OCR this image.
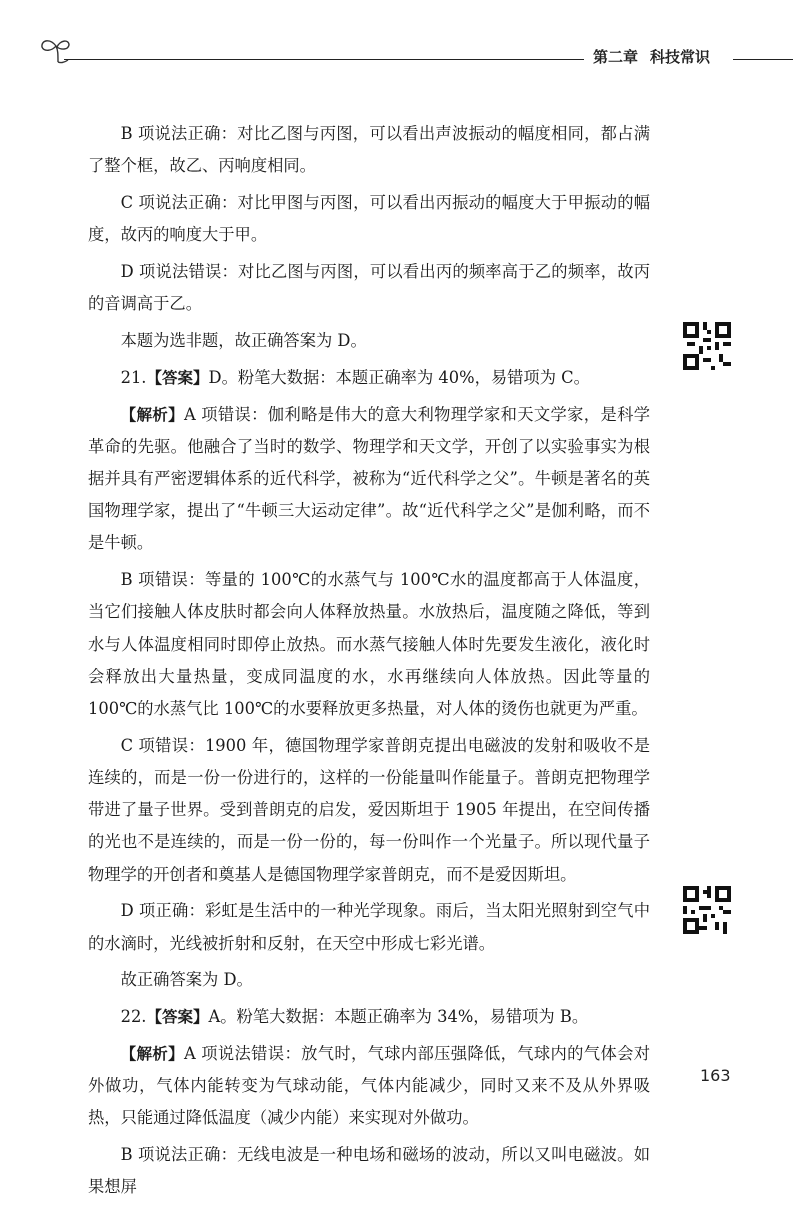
第二章 科技常识

B 项说法正确：对比乙图与丙图，可以看出声波振动的幅度相同，都占满了整个框，故乙、丙响度相同。

C 项说法正确：对比甲图与丙图，可以看出丙振动的幅度大于甲振动的幅度，故丙的响度大于甲。

D 项说法错误：对比乙图与丙图，可以看出丙的频率高于乙的频率，故丙的音调高于乙。

本题为选非题，故正确答案为 D。

21.【答案】D。粉笔大数据：本题正确率为 40%，易错项为 C。

【解析】A 项错误：伽利略是伟大的意大利物理学家和天文学家，是科学革命的先驱。他融合了当时的数学、物理学和天文学，开创了以实验事实为根据并具有严密逻辑体系的近代科学，被称为“近代科学之父”。牛顿是著名的英国物理学家，提出了“牛顿三大运动定律”。故“近代科学之父”是伽利略，而不是牛顿。

B 项错误：等量的 100℃的水蒸气与 100℃水的温度都高于人体温度，当它们接触人体皮肤时都会向人体释放热量。水放热后，温度随之降低，等到水与人体温度相同时即停止放热。而水蒸气接触人体时先要发生液化，液化时会释放出大量热量，变成同温度的水，水再继续向人体放热。因此等量的 100℃的水蒸气比 100℃的水要释放更多热量，对人体的烫伤也就更为严重。

C 项错误：1900 年，德国物理学家普朗克提出电磁波的发射和吸收不是连续的，而是一份一份进行的，这样的一份能量叫作能量子。普朗克把物理学带进了量子世界。受到普朗克的启发，爱因斯坦于 1905 年提出，在空间传播的光也不是连续的，而是一份一份的，每一份叫作一个光量子。所以现代量子物理学的开创者和奠基人是德国物理学家普朗克，而不是爱因斯坦。

D 项正确：彩虹是生活中的一种光学现象。雨后，当太阳光照射到空气中的水滴时，光线被折射和反射，在天空中形成七彩光谱。

故正确答案为 D。

22.【答案】A。粉笔大数据：本题正确率为 34%，易错项为 B。

【解析】A 项说法错误：放气时，气球内部压强降低，气球内的气体会对外做功，气体内能转变为气球动能，气体内能减少，同时又来不及从外界吸热，只能通过降低温度（减少内能）来实现对外做功。

B 项说法正确：无线电波是一种电场和磁场的波动，所以又叫电磁波。如果想屏

163
